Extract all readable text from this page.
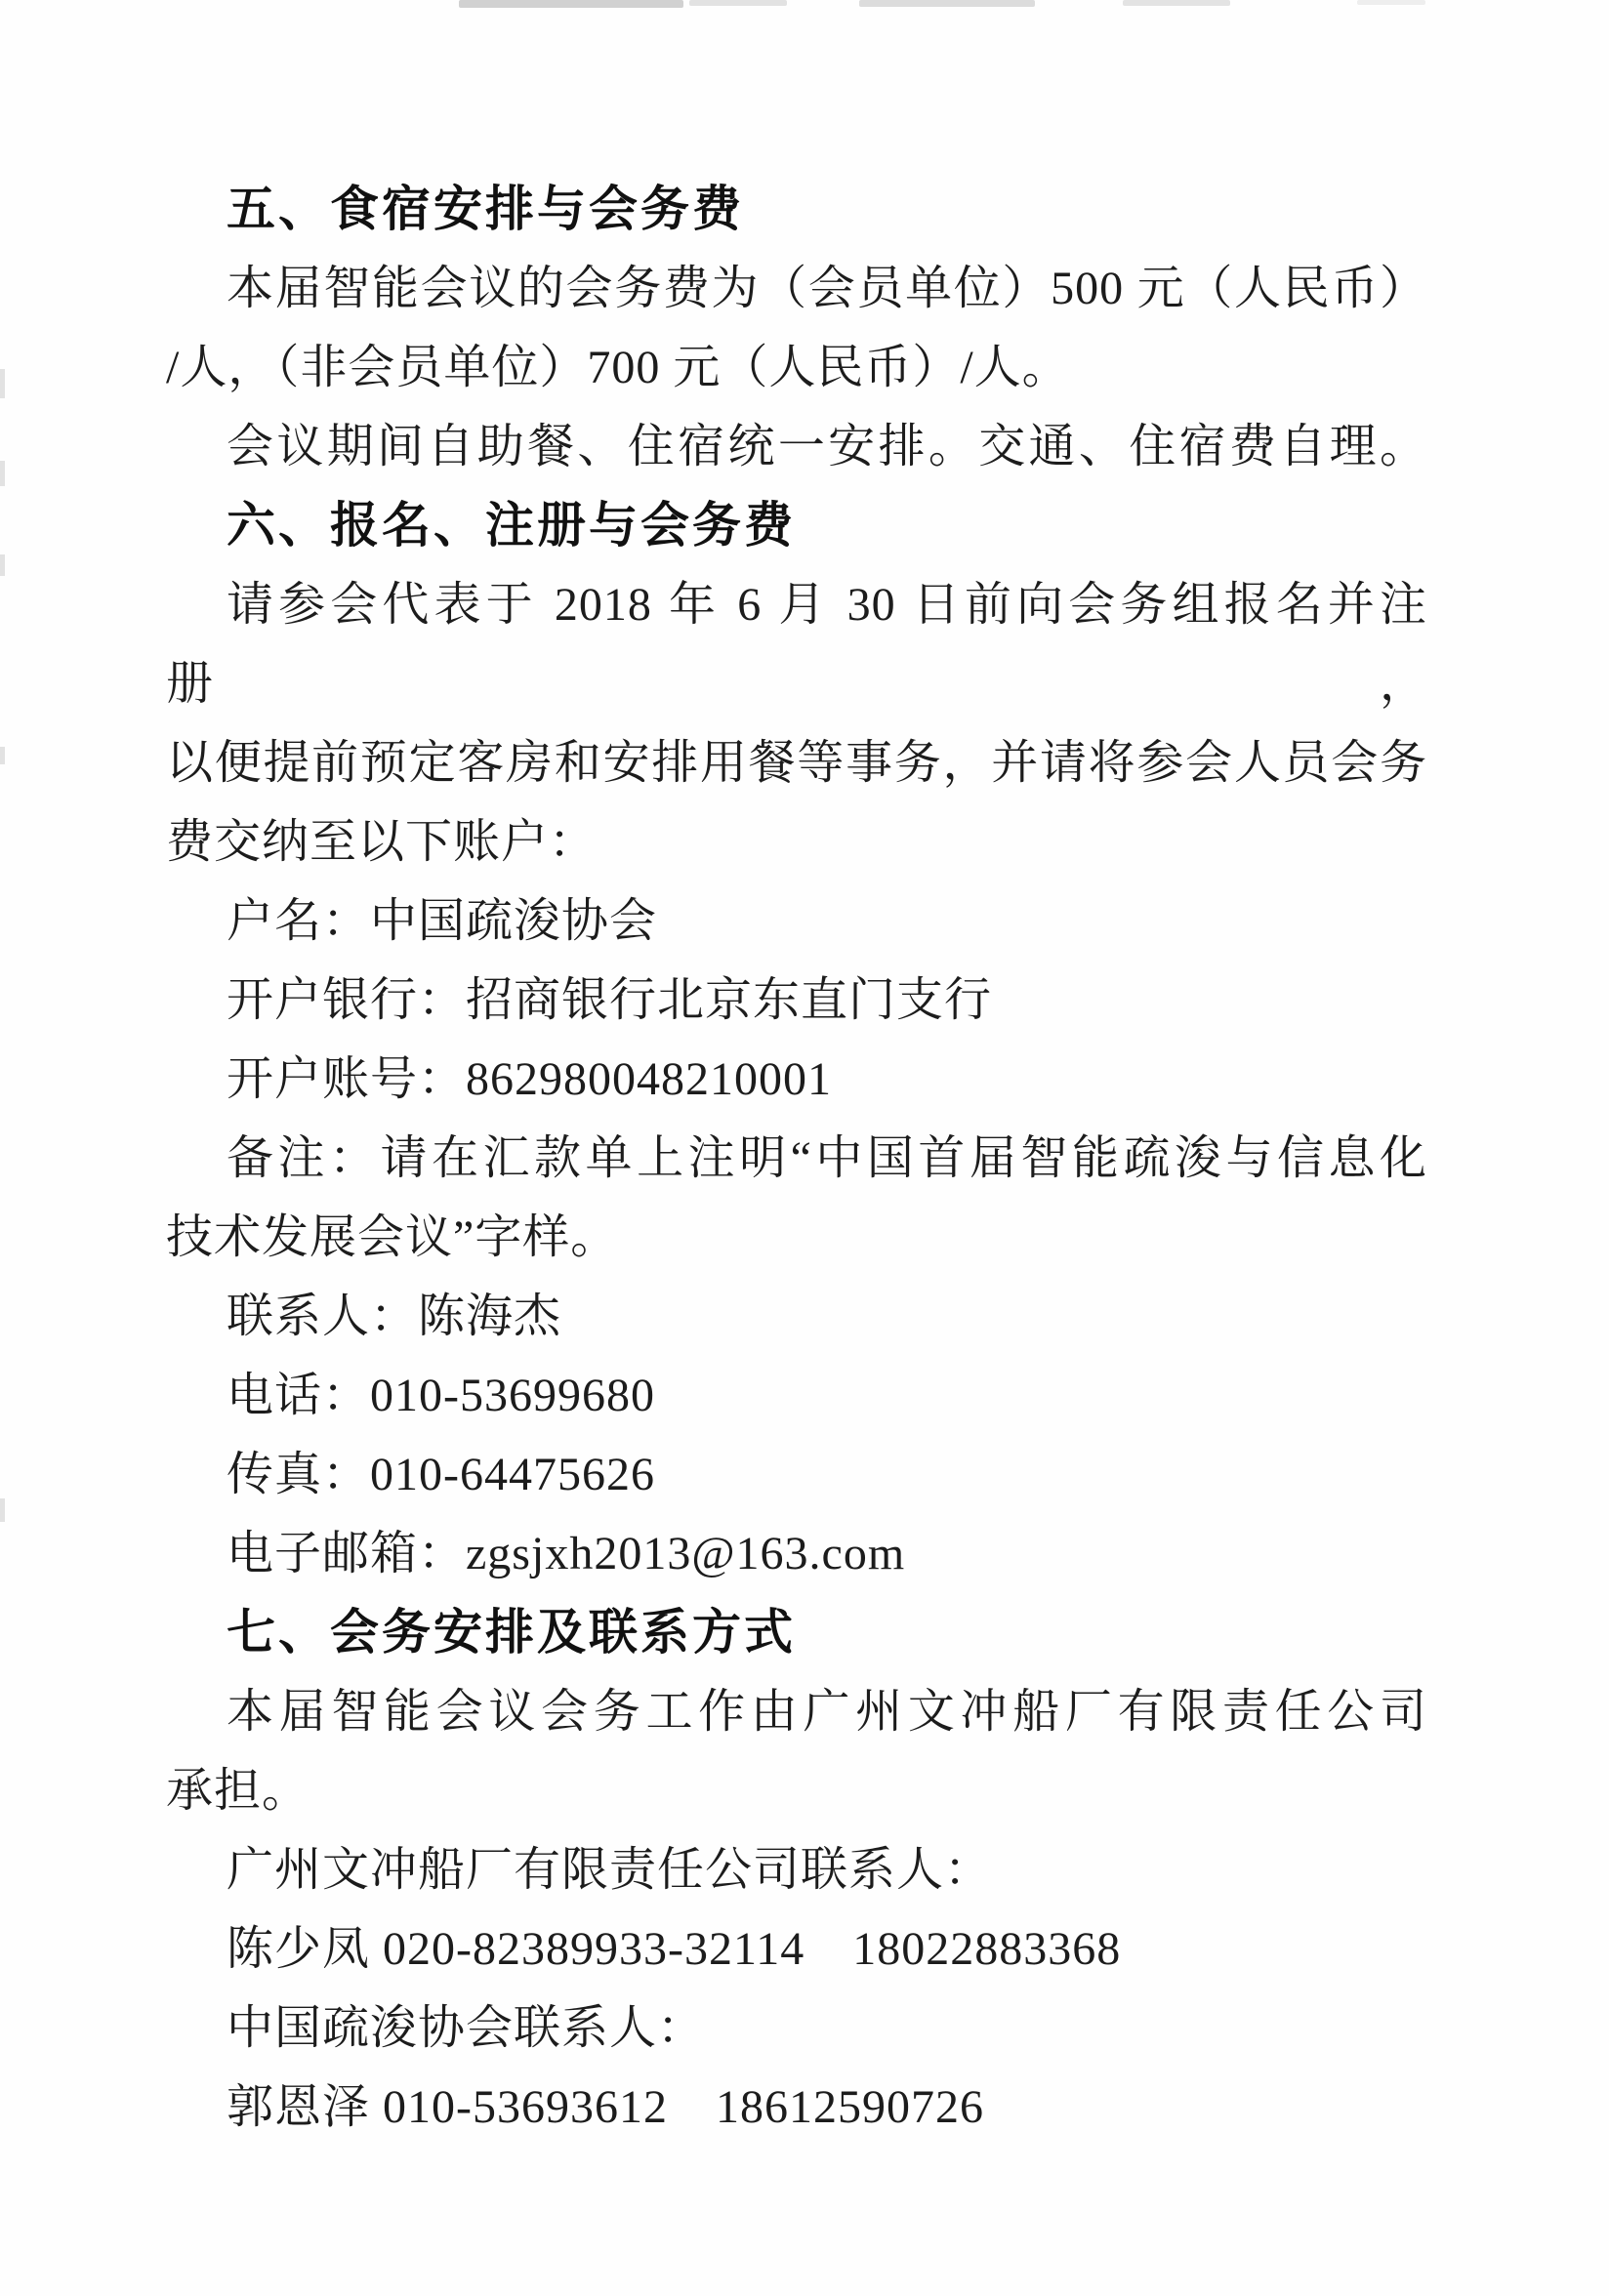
五、食宿安排与会务费
本届智能会议的会务费为（会员单位）500 元（人民币）
/人，（非会员单位）700 元（人民币）/人。
会议期间自助餐、住宿统一安排。交通、住宿费自理。
六、报名、注册与会务费
请参会代表于 2018 年 6 月 30 日前向会务组报名并注册，
以便提前预定客房和安排用餐等事务，并请将参会人员会务
费交纳至以下账户：
户名：中国疏浚协会
开户银行：招商银行北京东直门支行
开户账号：862980048210001
备注：请在汇款单上注明“中国首届智能疏浚与信息化
技术发展会议”字样。
联系人：陈海杰
电话：010-53699680
传真：010-64475626
电子邮箱：zgsjxh2013@163.com
七、会务安排及联系方式
本届智能会议会务工作由广州文冲船厂有限责任公司
承担。
广州文冲船厂有限责任公司联系人：
陈少凤 020-82389933-32114　18022883368
中国疏浚协会联系人：
郭恩泽 010-53693612　18612590726
